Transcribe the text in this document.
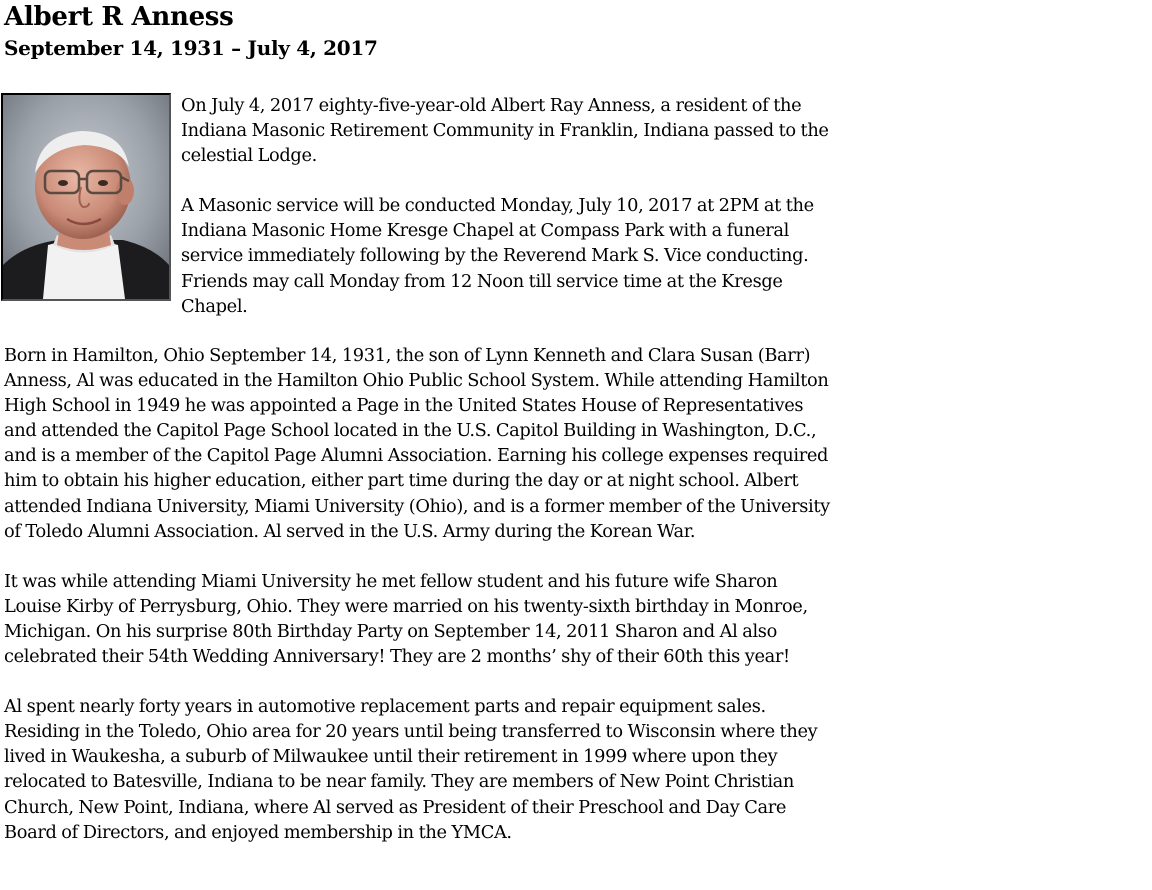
Albert R Anness
September 14, 1931 – July 4, 2017

On July 4, 2017 eighty-five-year-old Albert Ray Anness, a resident of the Indiana Masonic Retirement Community in Franklin, Indiana passed to the celestial Lodge.

A Masonic service will be conducted Monday, July 10, 2017 at 2PM at the Indiana Masonic Home Kresge Chapel at Compass Park with a funeral service immediately following by the Reverend Mark S. Vice conducting. Friends may call Monday from 12 Noon till service time at the Kresge Chapel.

Born in Hamilton, Ohio September 14, 1931, the son of Lynn Kenneth and Clara Susan (Barr) Anness, Al was educated in the Hamilton Ohio Public School System. While attending Hamilton High School in 1949 he was appointed a Page in the United States House of Representatives and attended the Capitol Page School located in the U.S. Capitol Building in Washington, D.C., and is a member of the Capitol Page Alumni Association. Earning his college expenses required him to obtain his higher education, either part time during the day or at night school. Albert attended Indiana University, Miami University (Ohio), and is a former member of the University of Toledo Alumni Association. Al served in the U.S. Army during the Korean War.

It was while attending Miami University he met fellow student and his future wife Sharon Louise Kirby of Perrysburg, Ohio. They were married on his twenty-sixth birthday in Monroe, Michigan. On his surprise 80th Birthday Party on September 14, 2011 Sharon and Al also celebrated their 54th Wedding Anniversary! They are 2 months’ shy of their 60th this year!

Al spent nearly forty years in automotive replacement parts and repair equipment sales. Residing in the Toledo, Ohio area for 20 years until being transferred to Wisconsin where they lived in Waukesha, a suburb of Milwaukee until their retirement in 1999 where upon they relocated to Batesville, Indiana to be near family. They are members of New Point Christian Church, New Point, Indiana, where Al served as President of their Preschool and Day Care Board of Directors, and enjoyed membership in the YMCA.
